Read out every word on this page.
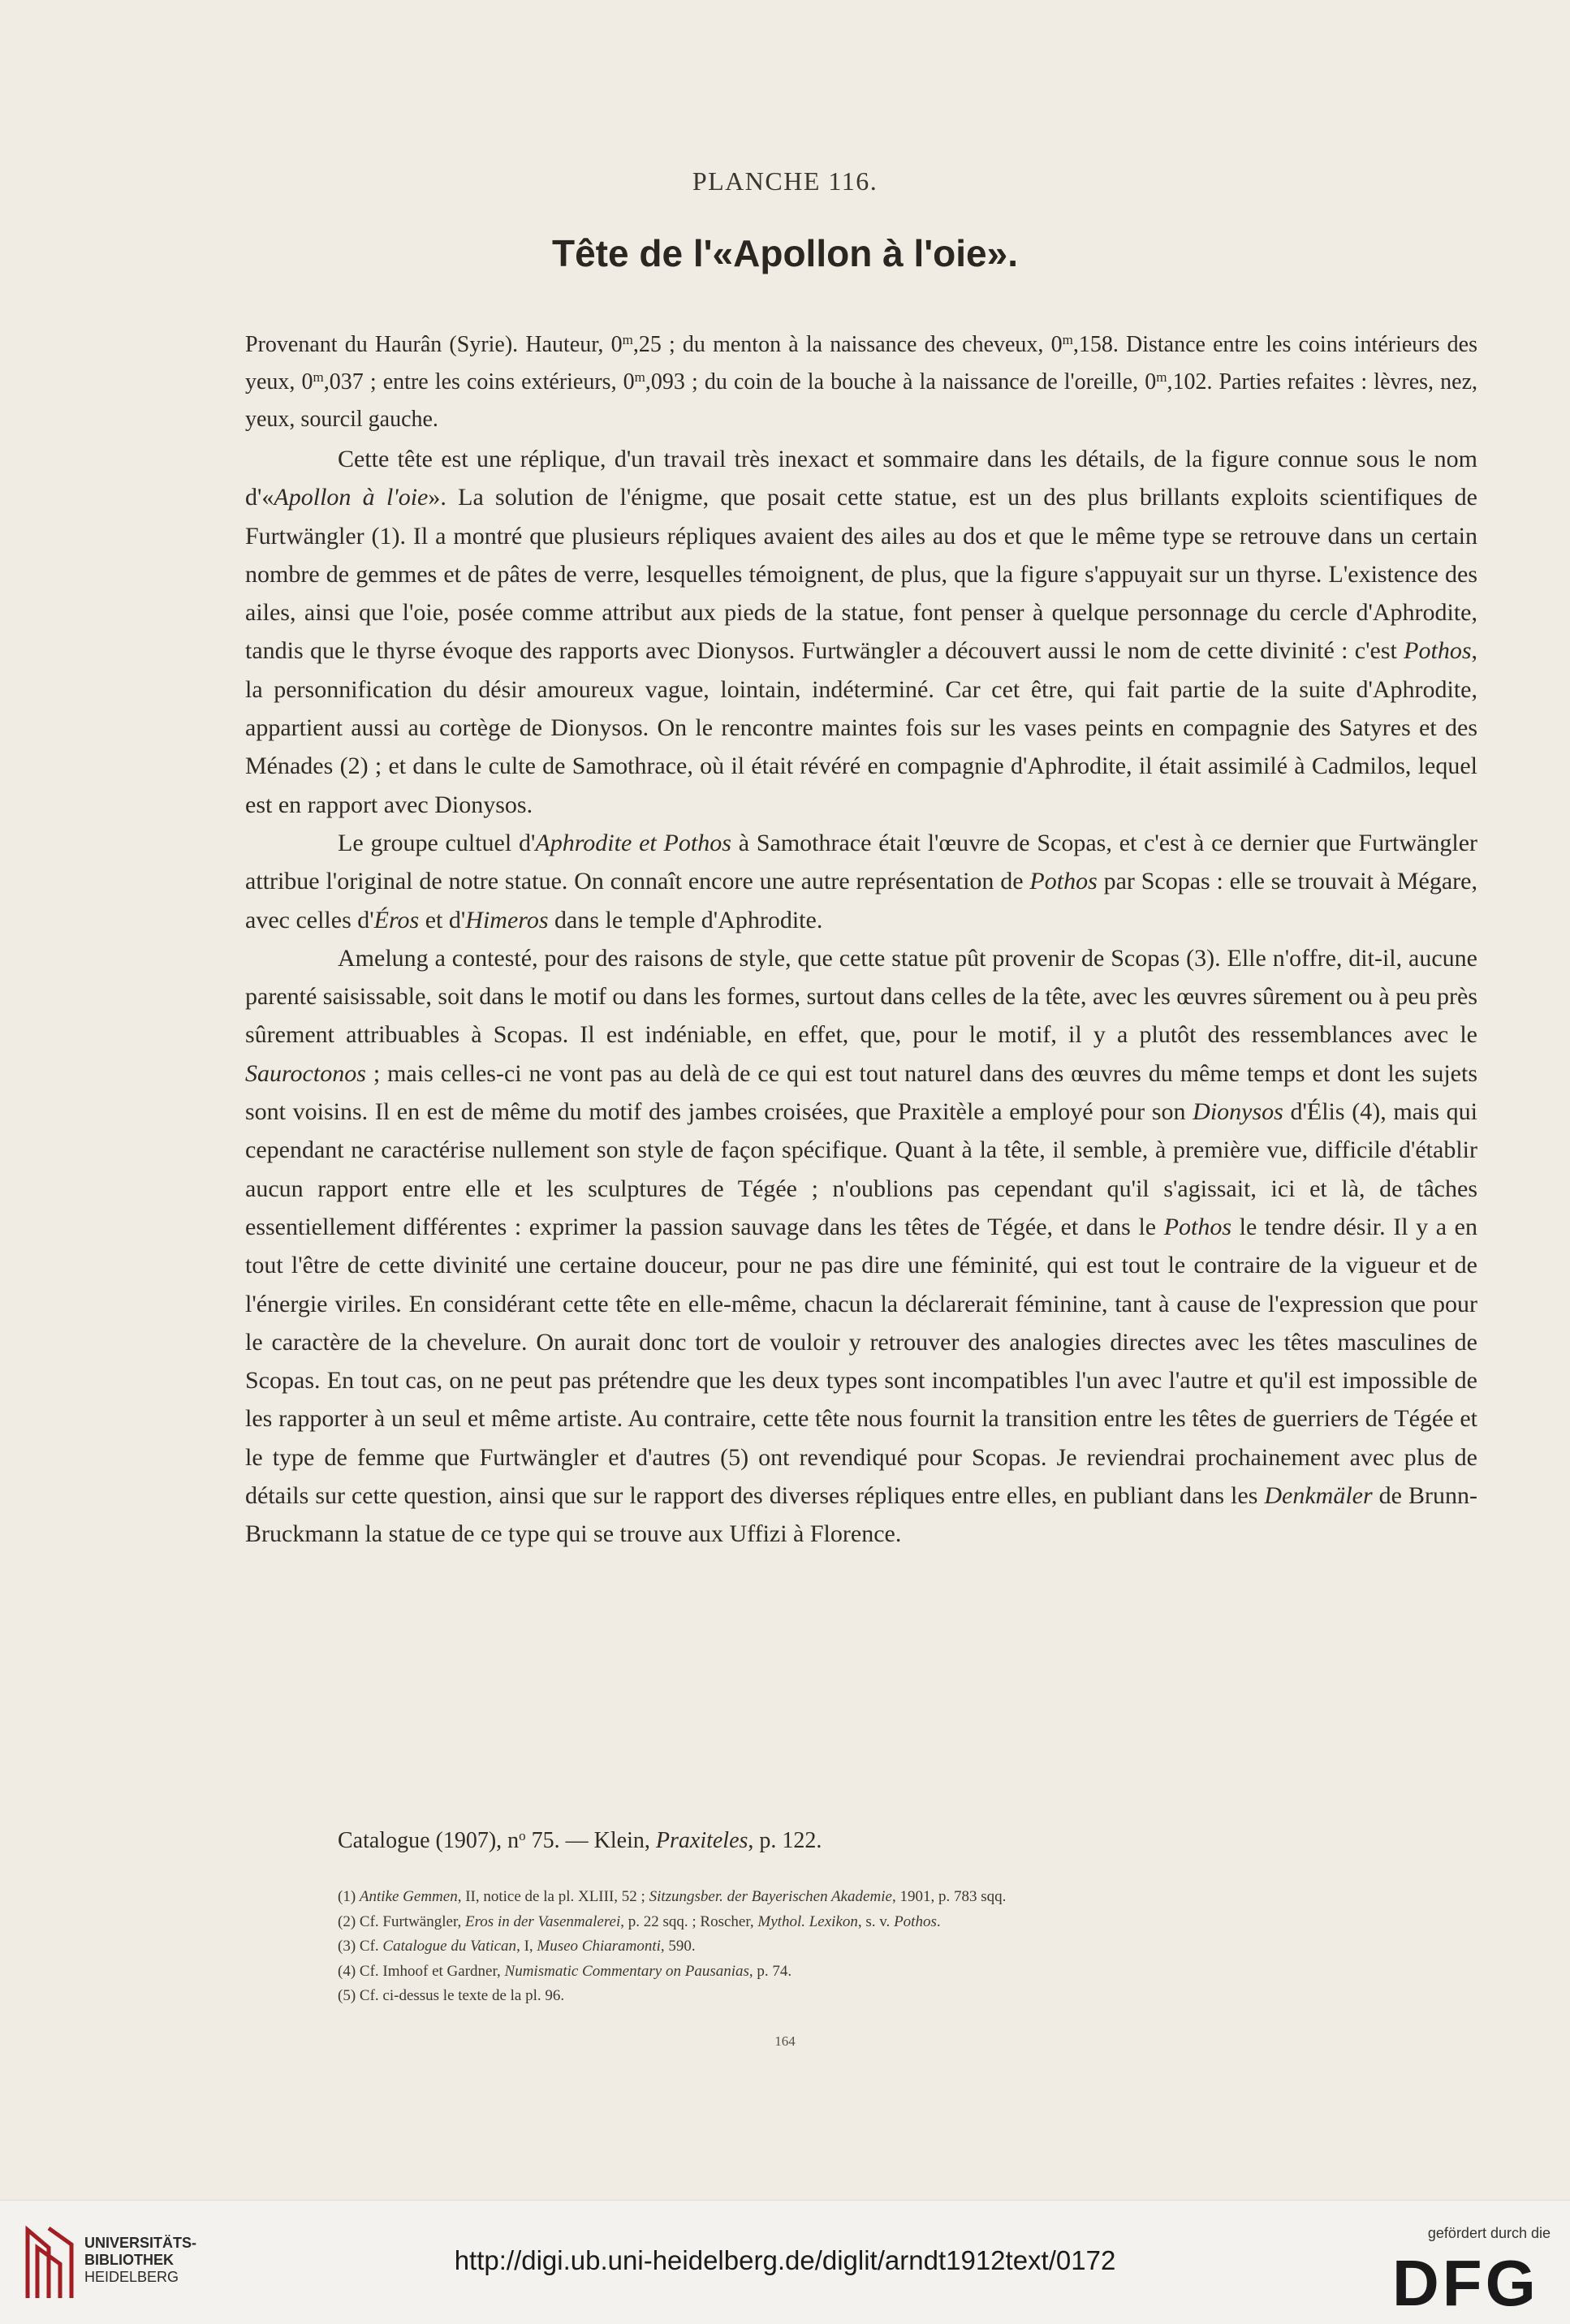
PLANCHE 116.
Tête de l'«Apollon à l'oie».
Provenant du Haurân (Syrie). Hauteur, 0$^m$,25 ; du menton à la naissance des cheveux, 0$^m$,158. Distance entre les coins intérieurs des yeux, 0$^m$,037 ; entre les coins extérieurs, 0$^m$,093 ; du coin de la bouche à la naissance de l'oreille, 0$^m$,102. Parties refaites : lèvres, nez, yeux, sourcil gauche.

Cette tête est une réplique, d'un travail très inexact et sommaire dans les détails, de la figure connue sous le nom d'«Apollon à l'oie». La solution de l'énigme, que posait cette statue, est un des plus brillants exploits scientifiques de Furtwängler (1). Il a montré que plusieurs répliques avaient des ailes au dos et que le même type se retrouve dans un certain nombre de gemmes et de pâtes de verre, lesquelles témoignent, de plus, que la figure s'appuyait sur un thyrse. L'existence des ailes, ainsi que l'oie, posée comme attribut aux pieds de la statue, font penser à quelque personnage du cercle d'Aphrodite, tandis que le thyrse évoque des rapports avec Dionysos. Furtwängler a découvert aussi le nom de cette divinité : c'est Pothos, la personnification du désir amoureux vague, lointain, indéterminé. Car cet être, qui fait partie de la suite d'Aphrodite, appartient aussi au cortège de Dionysos. On le rencontre maintes fois sur les vases peints en compagnie des Satyres et des Ménades (2) ; et dans le culte de Samothrace, où il était révéré en compagnie d'Aphrodite, il était assimilé à Cadmilos, lequel est en rapport avec Dionysos.

Le groupe cultuel d'Aphrodite et Pothos à Samothrace était l'œuvre de Scopas, et c'est à ce dernier que Furtwängler attribue l'original de notre statue. On connaît encore une autre représentation de Pothos par Scopas : elle se trouvait à Mégare, avec celles d'Éros et d'Himeros dans le temple d'Aphrodite.

Amelung a contesté, pour des raisons de style, que cette statue pût provenir de Scopas (3). Elle n'offre, dit-il, aucune parenté saisissable, soit dans le motif ou dans les formes, surtout dans celles de la tête, avec les œuvres sûrement ou à peu près sûrement attribuables à Scopas. Il est indéniable, en effet, que, pour le motif, il y a plutôt des ressemblances avec le Sauroctonos ; mais celles-ci ne vont pas au delà de ce qui est tout naturel dans des œuvres du même temps et dont les sujets sont voisins. Il en est de même du motif des jambes croisées, que Praxitèle a employé pour son Dionysos d'Élis (4), mais qui cependant ne caractérise nullement son style de façon spécifique. Quant à la tête, il semble, à première vue, difficile d'établir aucun rapport entre elle et les sculptures de Tégée ; n'oublions pas cependant qu'il s'agissait, ici et là, de tâches essentiellement différentes : exprimer la passion sauvage dans les têtes de Tégée, et dans le Pothos le tendre désir. Il y a en tout l'être de cette divinité une certaine douceur, pour ne pas dire une féminité, qui est tout le contraire de la vigueur et de l'énergie viriles. En considérant cette tête en elle-même, chacun la déclarerait féminine, tant à cause de l'expression que pour le caractère de la chevelure. On aurait donc tort de vouloir y retrouver des analogies directes avec les têtes masculines de Scopas. En tout cas, on ne peut pas prétendre que les deux types sont incompatibles l'un avec l'autre et qu'il est impossible de les rapporter à un seul et même artiste. Au contraire, cette tête nous fournit la transition entre les têtes de guerriers de Tégée et le type de femme que Furtwängler et d'autres (5) ont revendiqué pour Scopas. Je reviendrai prochainement avec plus de détails sur cette question, ainsi que sur le rapport des diverses répliques entre elles, en publiant dans les Denkmäler de Brunn-Bruckmann la statue de ce type qui se trouve aux Uffizi à Florence.

Catalogue (1907), $n^o$ 75. — Klein, Praxiteles, p. 122.
(1) Antike Gemmen, II, notice de la pl. XLIII, 52 ; Sitzungsber. der Bayerischen Akademie, 1901, p. 783 sqq.
(2) Cf. Furtwängler, Eros in der Vasenmalerei, p. 22 sqq. ; Roscher, Mythol. Lexikon, s. v. Pothos.
(3) Cf. Catalogue du Vatican, I, Museo Chiaramonti, 590.
(4) Cf. Imhoof et Gardner, Numismatic Commentary on Pausanias, p. 74.
(5) Cf. ci-dessus le texte de la pl. 96.
164
UNIVERSITÄTS-
BIBLIOTHEK
HEIDELBERG
http://digi.ub.uni-heidelberg.de/diglit/arndt1912text/0172
gefördert durch die
DFG
